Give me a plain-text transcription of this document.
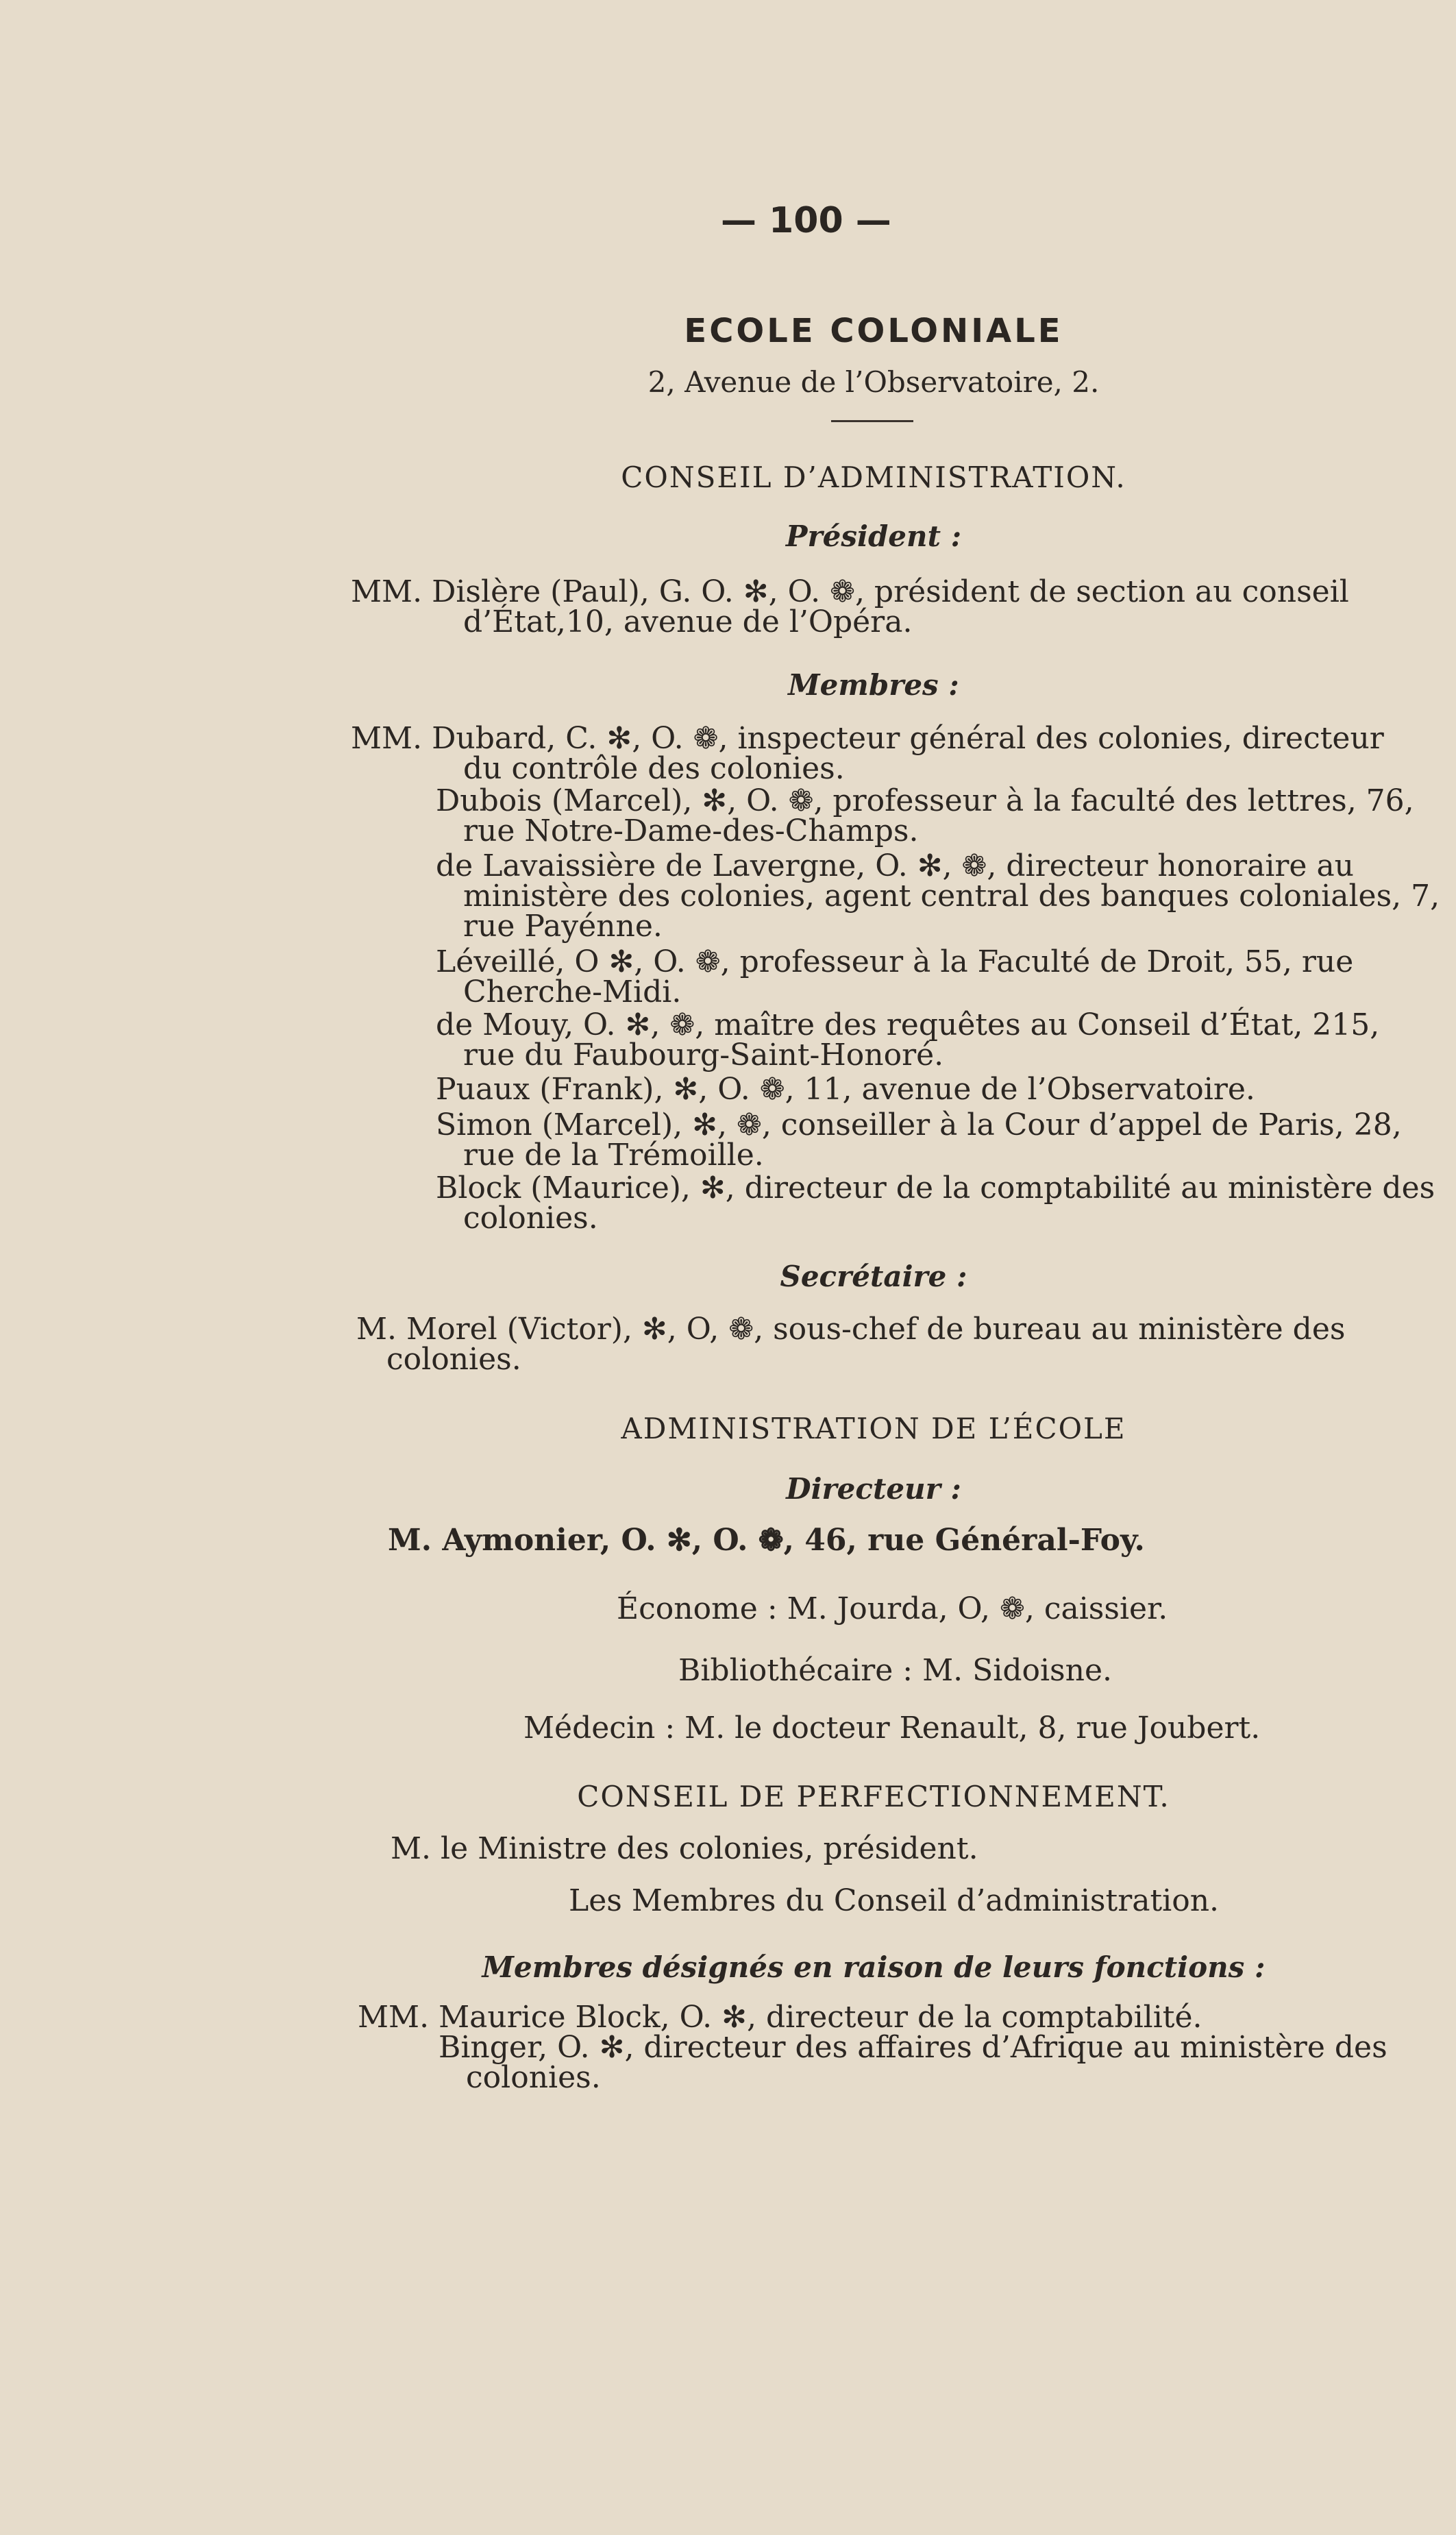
— 100 —
ECOLE COLONIALE
2, Avenue de l’Observatoire, 2.
CONSEIL D’ADMINISTRATION.
Président :
MM. Dislère (Paul), G. O. ✻, O. ❁, président de section au conseil
d’État,10, avenue de l’Opéra.
Membres :
MM. Dubard, C. ✻, O. ❁, inspecteur général des colonies, directeur
du contrôle des colonies.
Dubois (Marcel), ✻, O. ❁, professeur à la faculté des lettres, 76,
rue Notre-Dame-des-Champs.
de Lavaissière de Lavergne, O. ✻, ❁, directeur honoraire au
ministère des colonies, agent central des banques coloniales, 7,
rue Payénne.
Léveillé, O ✻, O. ❁, professeur à la Faculté de Droit, 55, rue
Cherche-Midi.
de Mouy, O. ✻, ❁, maître des requêtes au Conseil d’État, 215,
rue du Faubourg-Saint-Honoré.
Puaux (Frank), ✻, O. ❁, 11, avenue de l’Observatoire.
Simon (Marcel), ✻, ❁, conseiller à la Cour d’appel de Paris, 28,
rue de la Trémoille.
Block (Maurice), ✻, directeur de la comptabilité au ministère des
colonies.
Secrétaire :
M. Morel (Victor), ✻, O, ❁, sous-chef de bureau au ministère des
colonies.
ADMINISTRATION DE L’ÉCOLE
Directeur :
M. Aymonier, O. ✻, O. ❁, 46, rue Général-Foy.
Économe : M. Jourda, O, ❁, caissier.
Bibliothécaire : M. Sidoisne.
Médecin : M. le docteur Renault, 8, rue Joubert.
CONSEIL DE PERFECTIONNEMENT.
M. le Ministre des colonies, président.
Les Membres du Conseil d’administration.
Membres désignés en raison de leurs fonctions :
MM. Maurice Block, O. ✻, directeur de la comptabilité.
Binger, O. ✻, directeur des affaires d’Afrique au ministère des
colonies.
